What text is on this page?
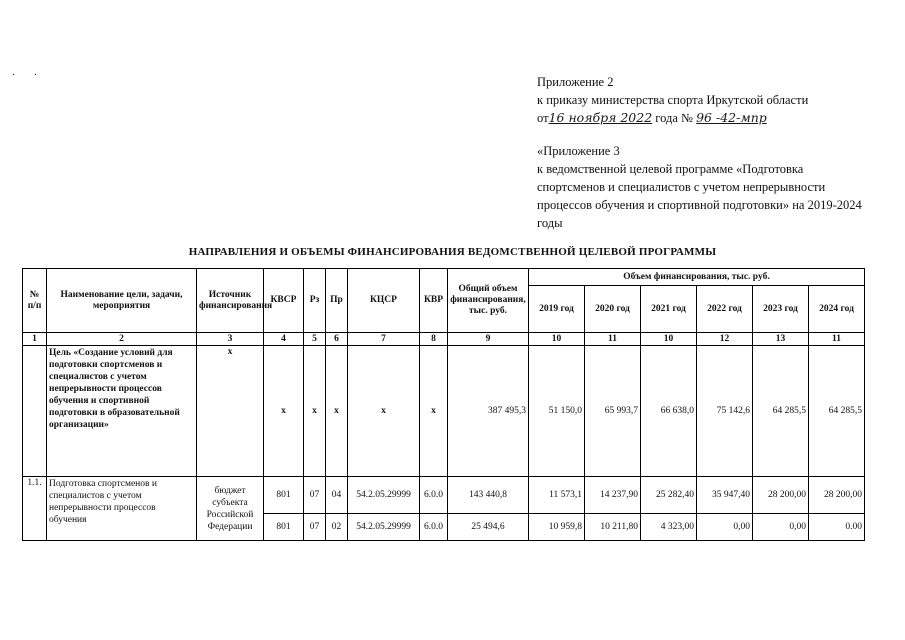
· ·	Приложение 2
к приказу министерства спорта Иркутской области
от16 ноября 2022 года № 96 -42-мпр
«Приложение 3
к ведомственной целевой программе «Подготовка спортсменов и специалистов с учетом непрерывности процессов обучения и спортивной подготовки» на 2019-2024 годы
НАПРАВЛЕНИЯ И ОБЪЕМЫ ФИНАНСИРОВАНИЯ ВЕДОМСТВЕННОЙ ЦЕЛЕВОЙ ПРОГРАММЫ
№ п/п	Наименование цели, задачи, мероприятия	Источник финансирования	КВСР	Рз	Пр	КЦСР	КВР	Общий объем финансирования, тыс. руб.	Объем финансирования, тыс. руб.					
									2019 год	2020 год	2021 год	2022 год	2023 год	2024 год
1	2	3	4	5	6	7	8	9	10	11	10	12	13	11
	Цель «Создание условий для подготовки спортсменов и специалистов с учетом непрерывности процессов обучения и спортивной подготовки в образовательной организации»	х	х	х	х	х	х	387 495,3	51 150,0	65 993,7	66 638,0	75 142,6	64 285,5	64 285,5
1.1.	Подготовка спортсменов и специалистов с учетом непрерывности процессов обучения	бюджет субъекта Российской Федерации	801	07	04	54.2.05.29999	6.0.0	143 440,8	11 573,1	14 237,90	25 282,40	35 947,40	28 200,00	28 200,00
			801	07	02	54.2.05.29999	6.0.0	25 494,6	10 959,8	10 211,80	4 323,00	0,00	0,00	0.00
